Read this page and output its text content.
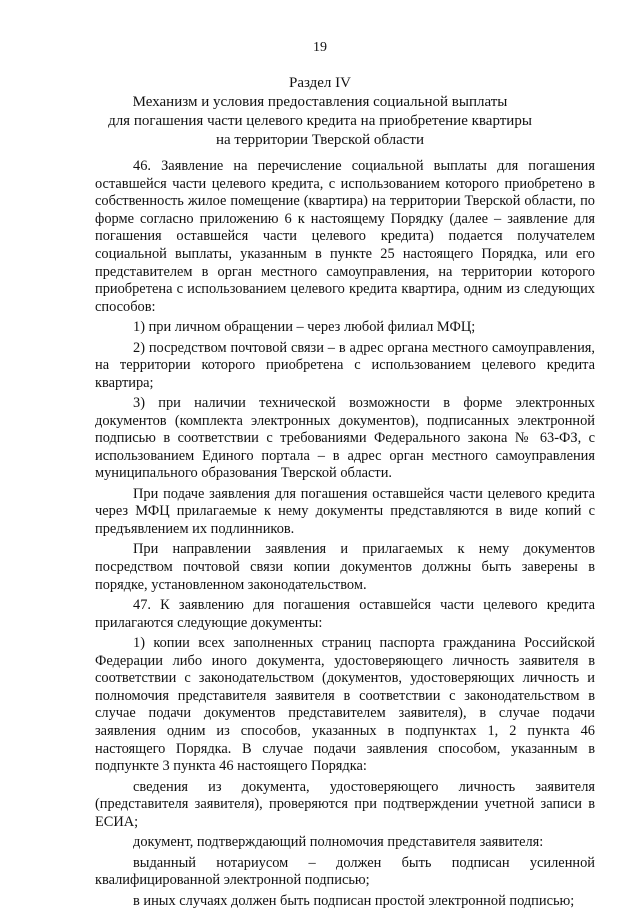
19
Раздел IV
Механизм и условия предоставления социальной выплаты
для погашения части целевого кредита на приобретение квартиры
на территории Тверской области

46. Заявление на перечисление социальной выплаты для погашения оставшейся части целевого кредита, с использованием которого приобретено в собственность жилое помещение (квартира) на территории Тверской области, по форме согласно приложению 6 к настоящему Порядку (далее – заявление для погашения оставшейся части целевого кредита) подается получателем социальной выплаты, указанным в пункте 25 настоящего Порядка, или его представителем в орган местного самоуправления, на территории которого приобретена с использованием целевого кредита квартира, одним из следующих способов:

1) при личном обращении – через любой филиал МФЦ;

2) посредством почтовой связи – в адрес органа местного самоуправления, на территории которого приобретена с использованием целевого кредита квартира;

3) при наличии технической возможности в форме электронных документов (комплекта электронных документов), подписанных электронной подписью в соответствии с требованиями Федерального закона № 63-ФЗ, с использованием Единого портала – в адрес орган местного самоуправления муниципального образования Тверской области.

При подаче заявления для погашения оставшейся части целевого кредита через МФЦ прилагаемые к нему документы представляются в виде копий с предъявлением их подлинников.

При направлении заявления и прилагаемых к нему документов посредством почтовой связи копии документов должны быть заверены в порядке, установленном законодательством.

47. К заявлению для погашения оставшейся части целевого кредита прилагаются следующие документы:

1) копии всех заполненных страниц паспорта гражданина Российской Федерации либо иного документа, удостоверяющего личность заявителя в соответствии с законодательством (документов, удостоверяющих личность и полномочия представителя заявителя в соответствии с законодательством в случае подачи документов представителем заявителя), в случае подачи заявления одним из способов, указанных в подпунктах 1, 2 пункта 46 настоящего Порядка. В случае подачи заявления способом, указанным в подпункте 3 пункта 46 настоящего Порядка:

сведения из документа, удостоверяющего личность заявителя (представителя заявителя), проверяются при подтверждении учетной записи в ЕСИА;

документ, подтверждающий полномочия представителя заявителя:

выданный нотариусом – должен быть подписан усиленной квалифицированной электронной подписью;

в иных случаях должен быть подписан простой электронной подписью;
